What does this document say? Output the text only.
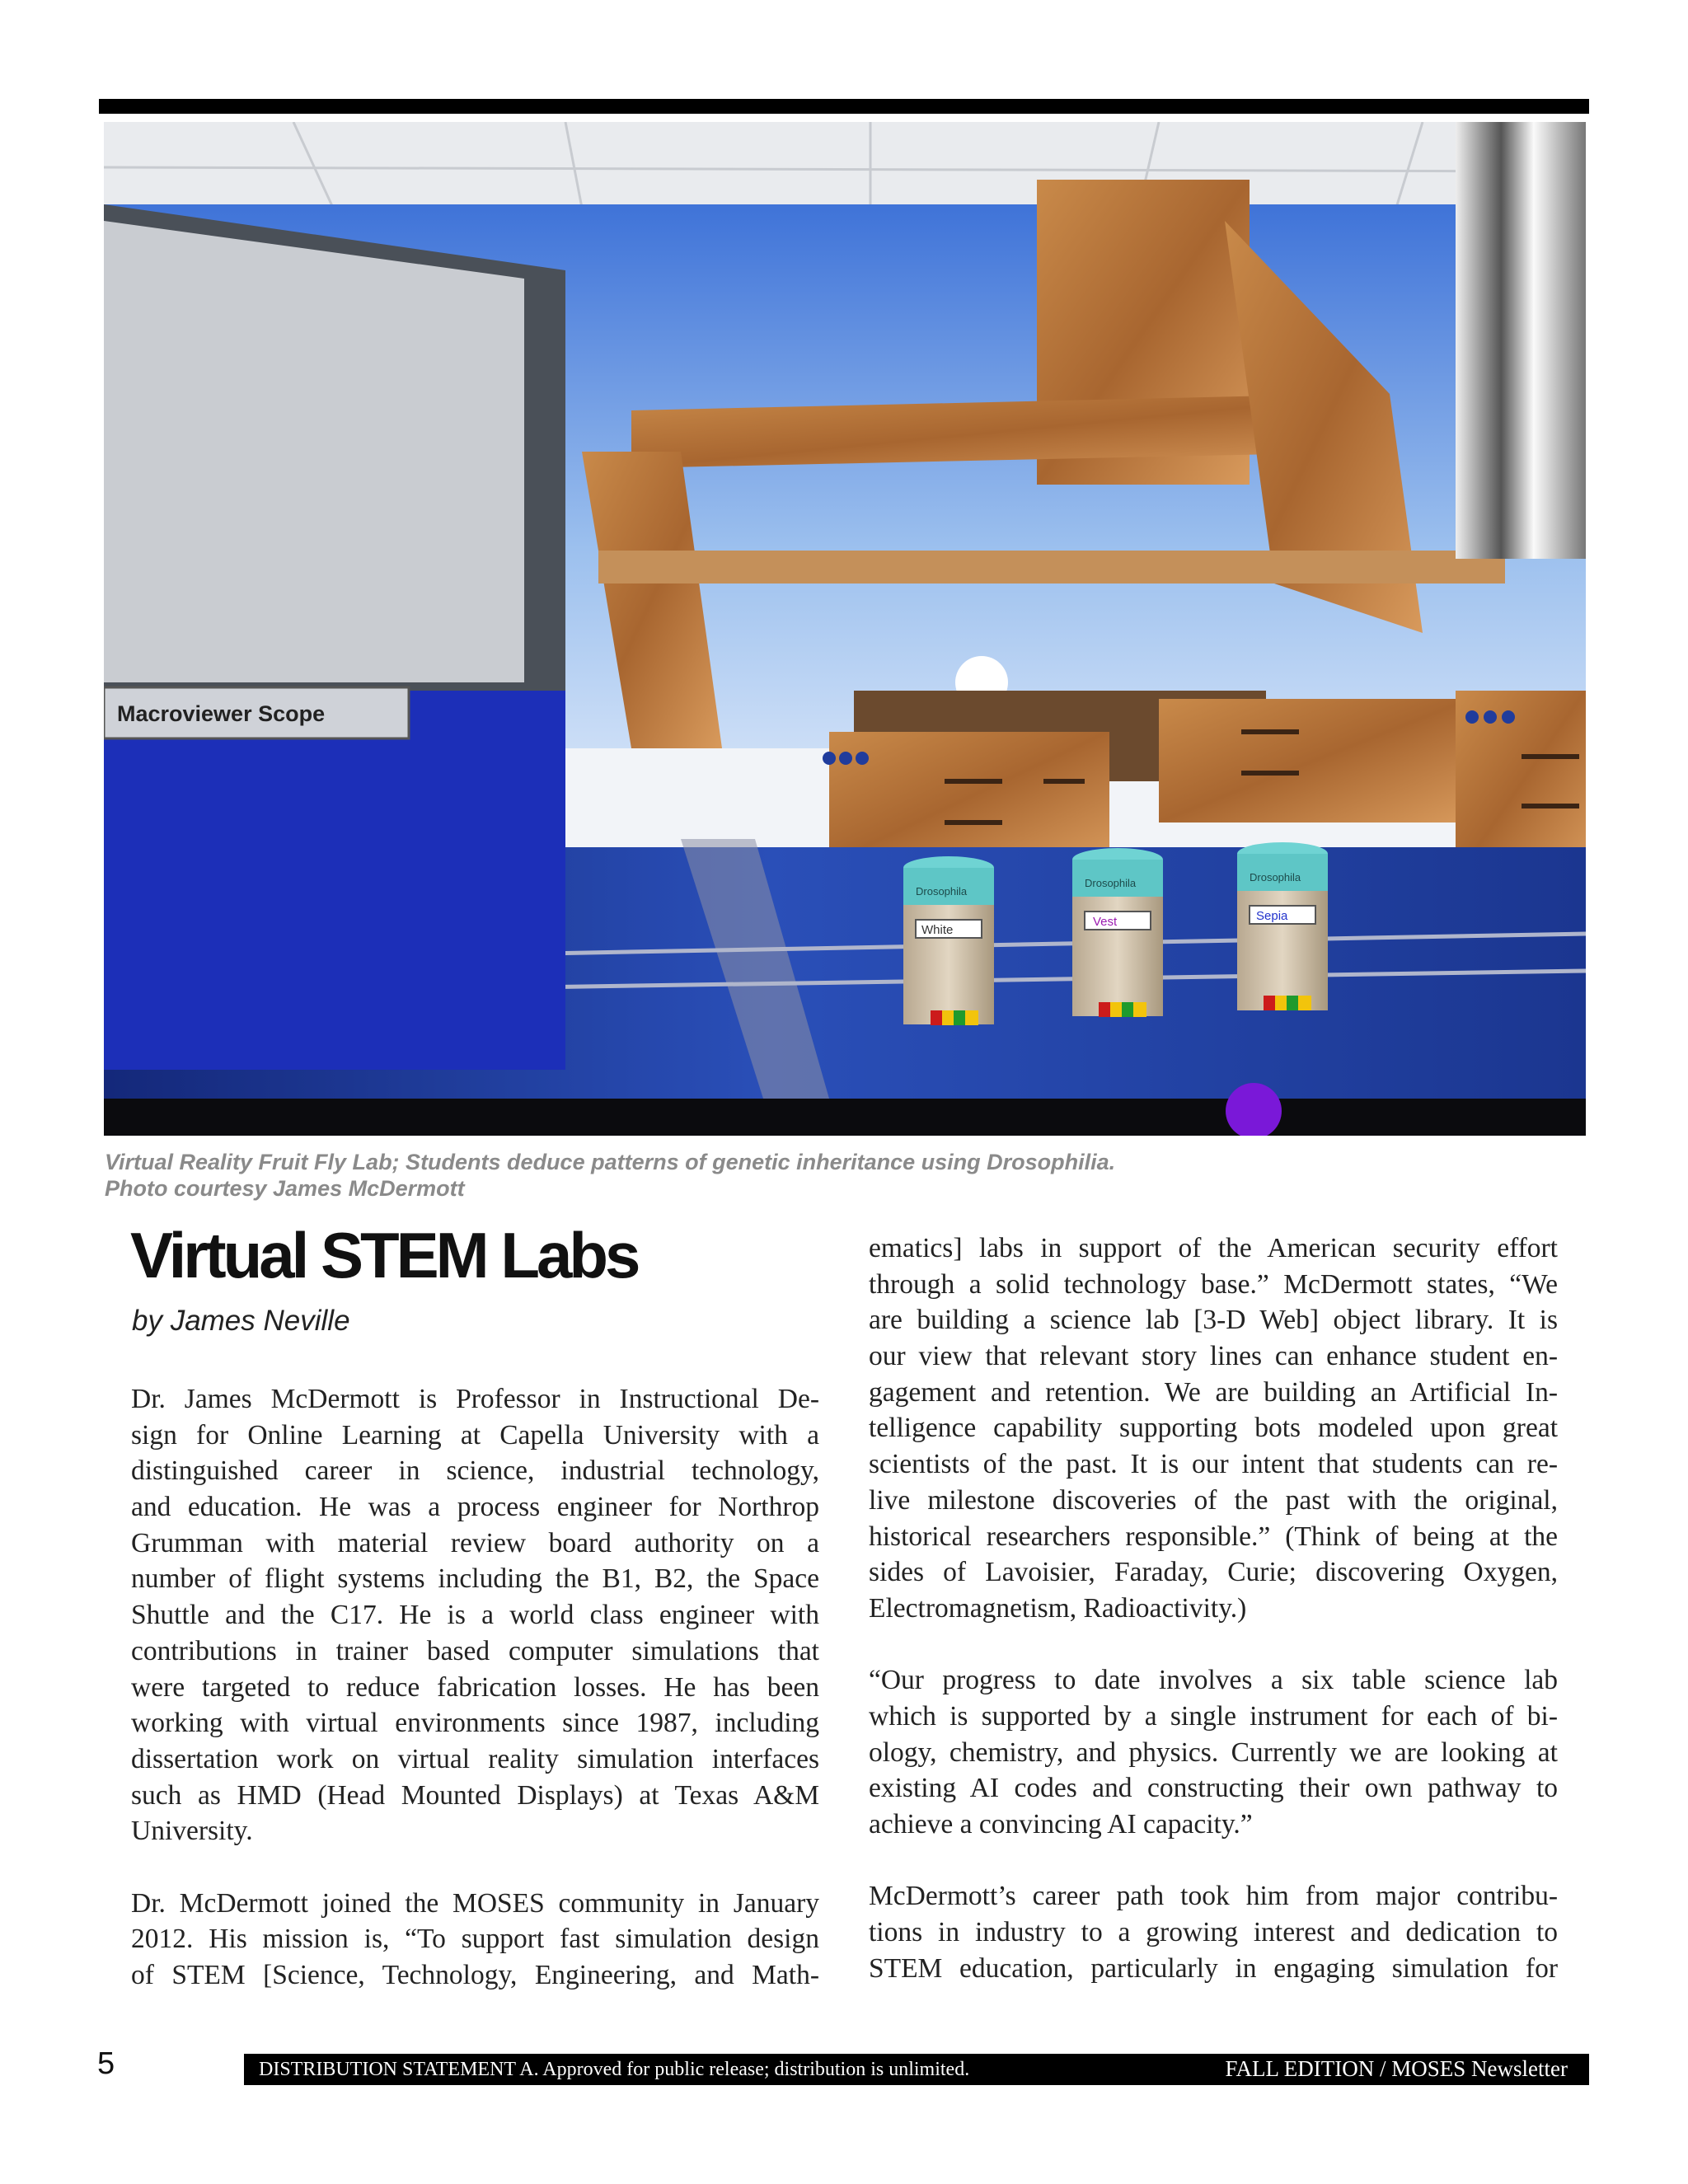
Macroviewer Scope
Drosophila
White
Drosophila
Vest
Drosophila
Sepia
Virtual Reality Fruit Fly Lab; Students deduce patterns of genetic inheritance using Drosophilia.
Photo courtesy James McDermott
Virtual STEM Labs
by James Neville
Dr. James McDermott is Professor in Instructional De-
sign for Online Learning at Capella University with a
distinguished career in science, industrial technology,
and education. He was a process engineer for Northrop
Grumman with material review board authority on a
number of flight systems including the B1, B2, the Space
Shuttle and the C17. He is a world class engineer with
contributions in trainer based computer simulations that
were targeted to reduce fabrication losses. He has been
working with virtual environments since 1987, including
dissertation work on virtual reality simulation interfaces
such as HMD (Head Mounted Displays) at Texas A&M
University.
Dr. McDermott joined the MOSES community in January
2012. His mission is, “To support fast simulation design
of STEM [Science, Technology, Engineering, and Math-
ematics] labs in support of the American security effort
through a solid technology base.” McDermott states, “We
are building a science lab [3-D Web] object library. It is
our view that relevant story lines can enhance student en-
gagement and retention. We are building an Artificial In-
telligence capability supporting bots modeled upon great
scientists of the past. It is our intent that students can re-
live milestone discoveries of the past with the original,
historical researchers responsible.” (Think of being at the
sides of Lavoisier, Faraday, Curie; discovering Oxygen,
Electromagnetism, Radioactivity.)
“Our progress to date involves a six table science lab
which is supported by a single instrument for each of bi-
ology, chemistry, and physics. Currently we are looking at
existing AI codes and constructing their own pathway to
achieve a convincing AI capacity.”
McDermott’s career path took him from major contribu-
tions in industry to a growing interest and dedication to
STEM education, particularly in engaging simulation for
5	DISTRIBUTION STATEMENT A. Approved for public release; distribution is unlimited.	FALL EDITION / MOSES Newsletter
